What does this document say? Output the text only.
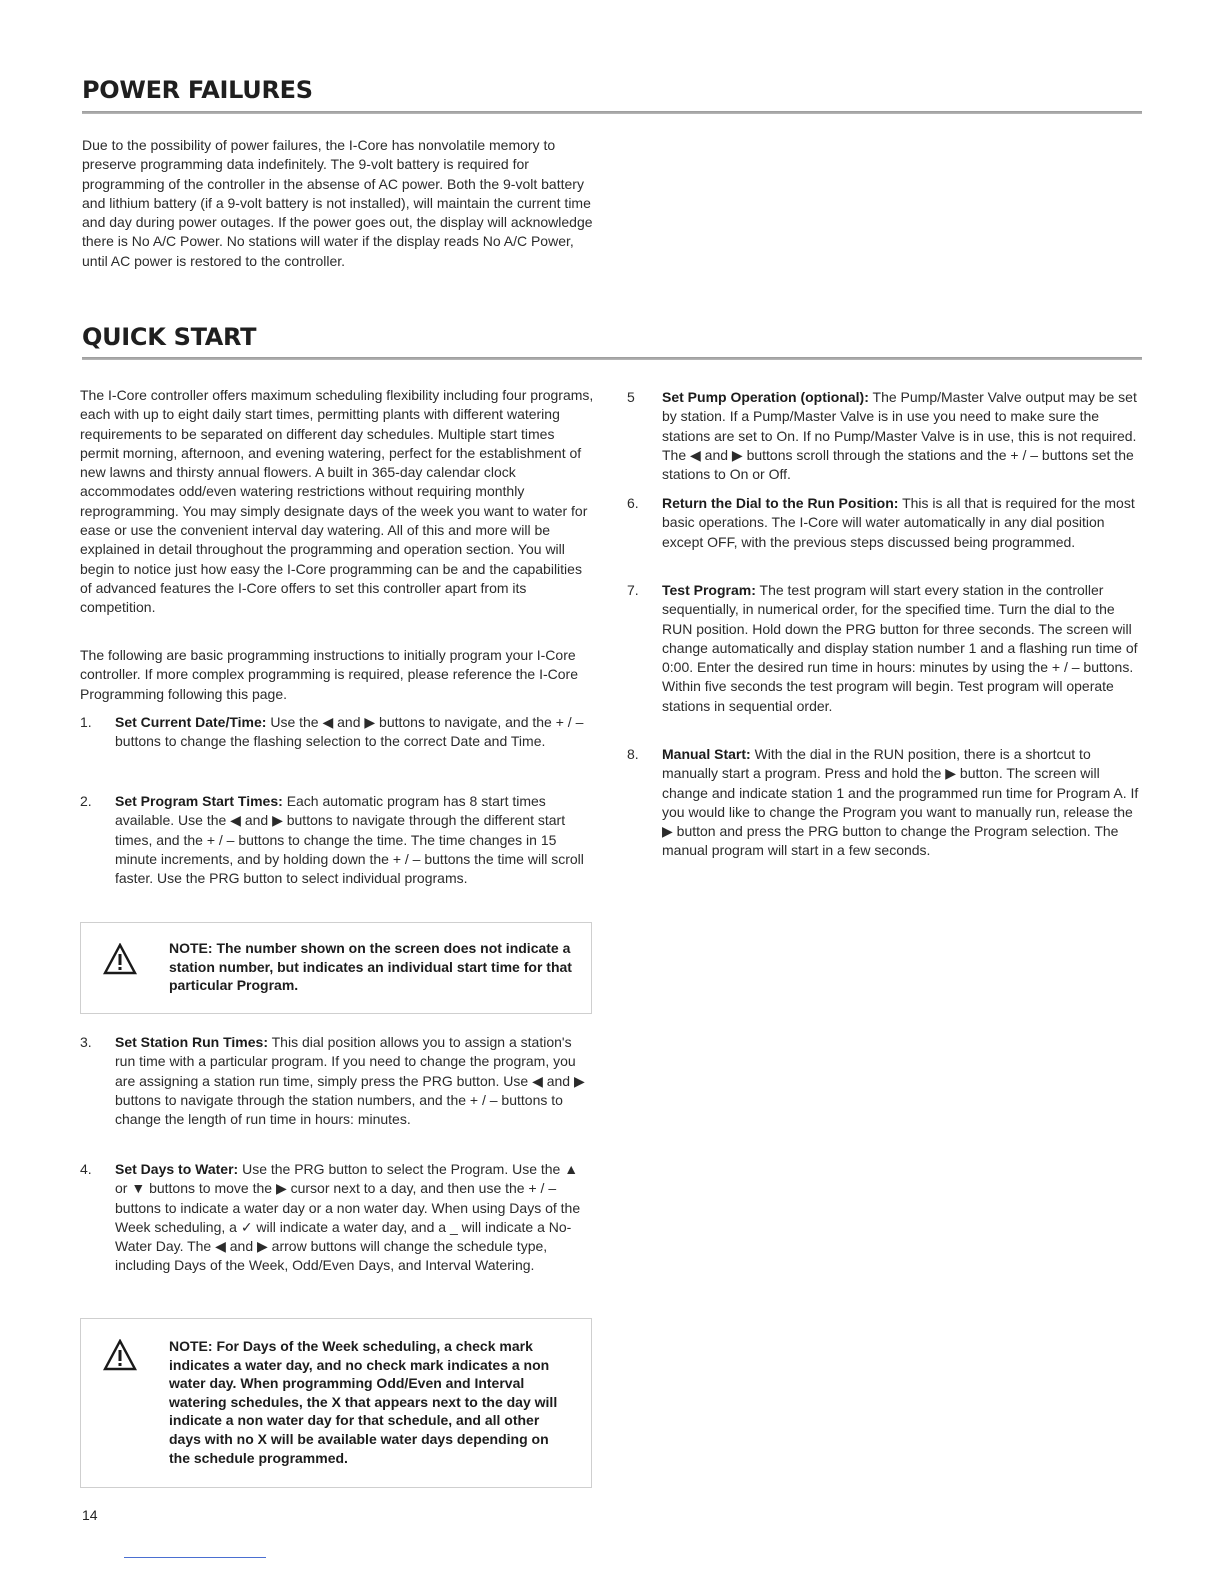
POWER FAILURES

Due to the possibility of power failures, the I-Core has nonvolatile memory to preserve programming data indefinitely. The 9-volt battery is required for programming of the controller in the absense of AC power. Both the 9-volt battery and lithium battery (if a 9-volt battery is not installed), will maintain the current time and day during power outages. If the power goes out, the display will acknowledge there is No A/C Power. No stations will water if the display reads No A/C Power, until AC power is restored to the controller.

QUICK START

The I-Core controller offers maximum scheduling flexibility including four programs, each with up to eight daily start times, permitting plants with different watering requirements to be separated on different day schedules. Multiple start times permit morning, afternoon, and evening watering, perfect for the establishment of new lawns and thirsty annual flowers. A built in 365-day calendar clock accommodates odd/even watering restrictions without requiring monthly reprogramming. You may simply designate days of the week you want to water for ease or use the convenient interval day watering. All of this and more will be explained in detail throughout the programming and operation section. You will begin to notice just how easy the I-Core programming can be and the capabilities of advanced features the I-Core offers to set this controller apart from its competition.

The following are basic programming instructions to initially program your I-Core controller. If more complex programming is required, please reference the I-Core Programming following this page.

1. Set Current Date/Time: Use the ◀ and ▶ buttons to navigate, and the + / – buttons to change the flashing selection to the correct Date and Time.
2. Set Program Start Times: Each automatic program has 8 start times available. Use the ◀ and ▶ buttons to navigate through the different start times, and the + / – buttons to change the time. The time changes in 15 minute increments, and by holding down the + / – buttons the time will scroll faster. Use the PRG button to select individual programs.
NOTE: The number shown on the screen does not indicate a station number, but indicates an individual start time for that particular Program.
3. Set Station Run Times: This dial position allows you to assign a station's run time with a particular program. If you need to change the program, you are assigning a station run time, simply press the PRG button. Use ◀ and ▶ buttons to navigate through the station numbers, and the + / – buttons to change the length of run time in hours: minutes.
4. Set Days to Water: Use the PRG button to select the Program. Use the ▲ or ▼ buttons to move the ▶ cursor next to a day, and then use the + / – buttons to indicate a water day or a non water day. When using Days of the Week scheduling, a ✓ will indicate a water day, and a _ will indicate a No-Water Day. The ◀ and ▶ arrow buttons will change the schedule type, including Days of the Week, Odd/Even Days, and Interval Watering.
NOTE: For Days of the Week scheduling, a check mark indicates a water day, and no check mark indicates a non water day. When programming Odd/Even and Interval watering schedules, the X that appears next to the day will indicate a non water day for that schedule, and all other days with no X will be available water days depending on the schedule programmed.
5 Set Pump Operation (optional): The Pump/Master Valve output may be set by station. If a Pump/Master Valve is in use you need to make sure the stations are set to On. If no Pump/Master Valve is in use, this is not required. The ◀ and ▶ buttons scroll through the stations and the + / – buttons set the stations to On or Off.
6. Return the Dial to the Run Position: This is all that is required for the most basic operations. The I-Core will water automatically in any dial position except OFF, with the previous steps discussed being programmed.
7. Test Program: The test program will start every station in the controller sequentially, in numerical order, for the specified time. Turn the dial to the RUN position. Hold down the PRG button for three seconds. The screen will change automatically and display station number 1 and a flashing run time of 0:00. Enter the desired run time in hours: minutes by using the + / – buttons. Within five seconds the test program will begin. Test program will operate stations in sequential order.
8. Manual Start: With the dial in the RUN position, there is a shortcut to manually start a program. Press and hold the ▶ button. The screen will change and indicate station 1 and the programmed run time for Program A. If you would like to change the Program you want to manually run, release the ▶ button and press the PRG button to change the Program selection. The manual program will start in a few seconds.
14
